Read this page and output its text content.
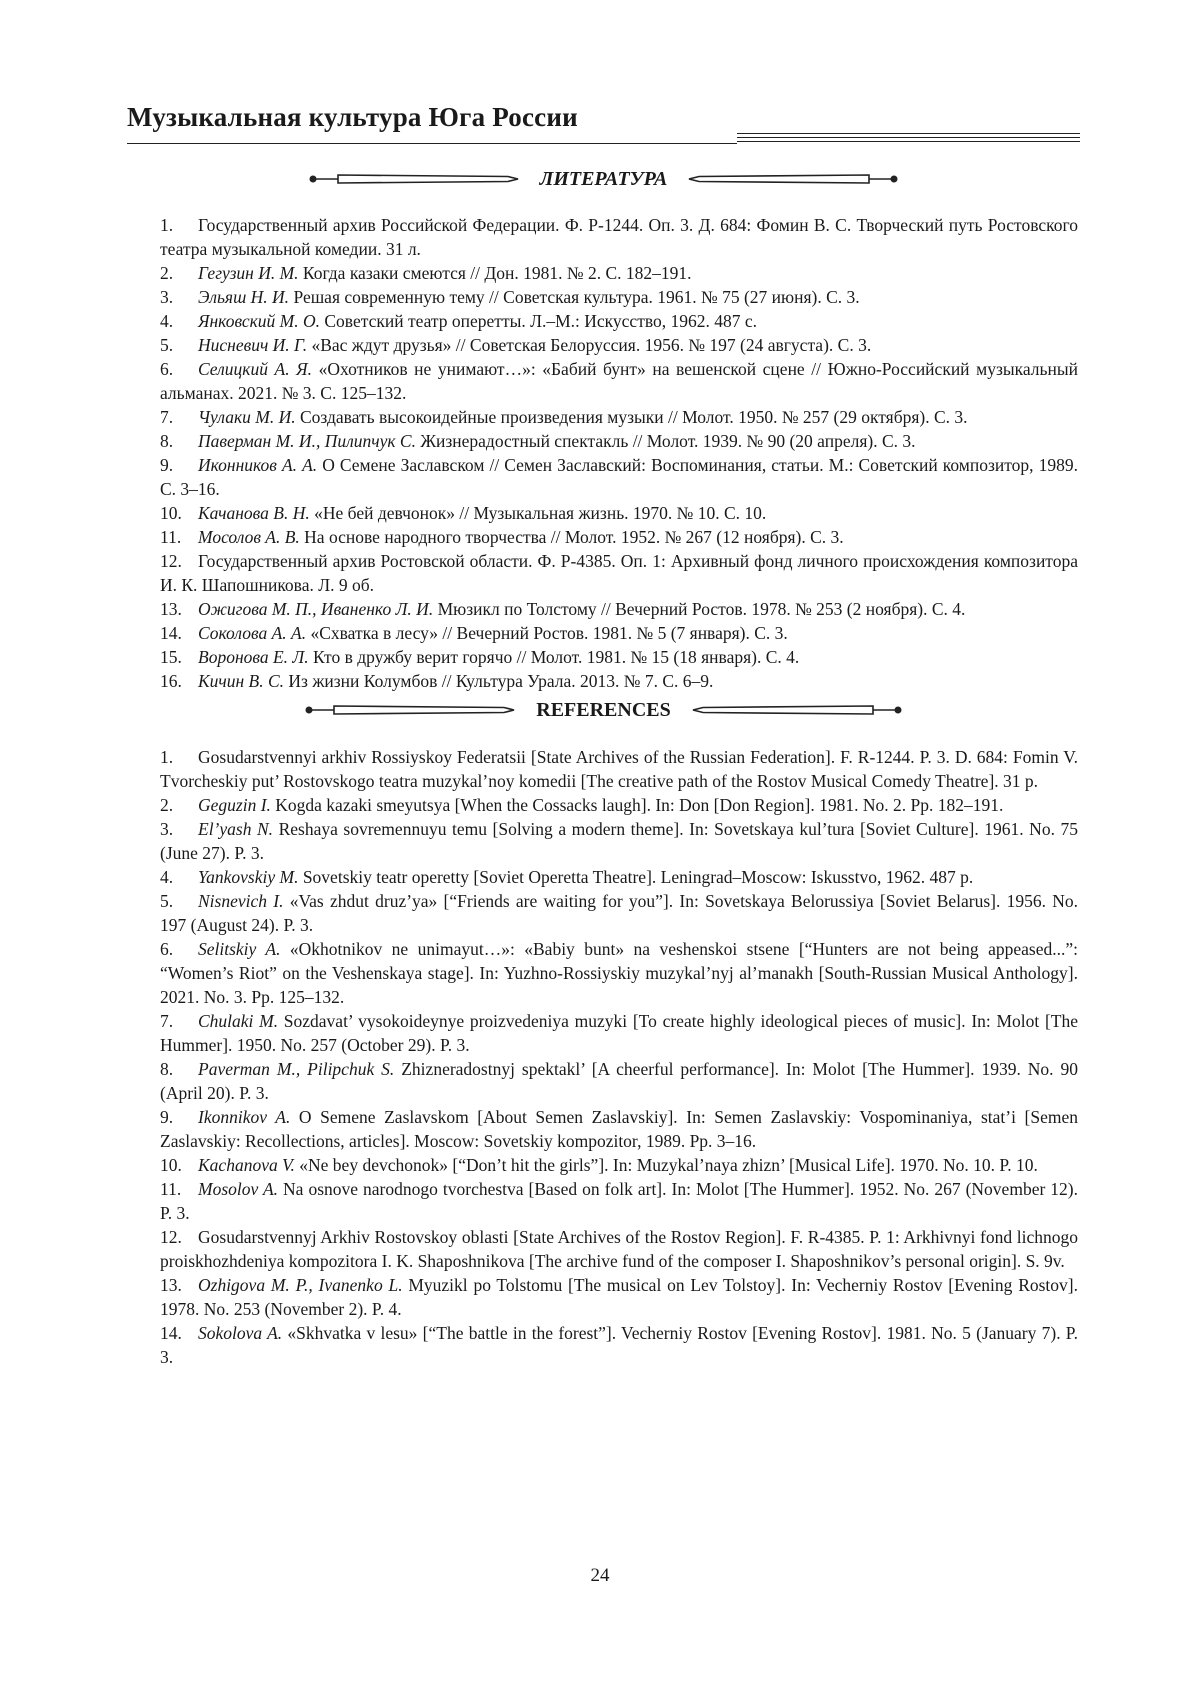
Музыкальная культура Юга России
ЛИТЕРАТУРА

1. Государственный архив Российской Федерации. Ф. Р-1244. Оп. 3. Д. 684: Фомин В. С. Творческий путь Ростовского театра музыкальной комедии. 31 л.

2. Гегузин И. М. Когда казаки смеются // Дон. 1981. № 2. С. 182–191.

3. Эльяш Н. И. Решая современную тему // Советская культура. 1961. № 75 (27 июня). С. 3.

4. Янковский М. О. Советский театр оперетты. Л.–М.: Искусство, 1962. 487 с.

5. Нисневич И. Г. «Вас ждут друзья» // Советская Белоруссия. 1956. № 197 (24 августа). С. 3.

6. Селицкий А. Я. «Охотников не унимают…»: «Бабий бунт» на вешенской сцене // Южно-Российский музыкальный альманах. 2021. № 3. С. 125–132.

7. Чулаки М. И. Создавать высокоидейные произведения музыки // Молот. 1950. № 257 (29 октября). С. 3.

8. Паверман М. И., Пилипчук С. Жизнерадостный спектакль // Молот. 1939. № 90 (20 апреля). С. 3.

9. Иконников А. А. О Семене Заславском // Семен Заславский: Воспоминания, статьи. М.: Советский композитор, 1989. С. 3–16.

10. Качанова В. Н. «Не бей девчонок» // Музыкальная жизнь. 1970. № 10. С. 10.

11. Мосолов А. В. На основе народного творчества // Молот. 1952. № 267 (12 ноября). С. 3.

12. Государственный архив Ростовской области. Ф. Р-4385. Оп. 1: Архивный фонд личного происхождения композитора И. К. Шапошникова. Л. 9 об.

13. Ожигова М. П., Иваненко Л. И. Мюзикл по Толстому // Вечерний Ростов. 1978. № 253 (2 ноября). С. 4.

14. Соколова А. А. «Схватка в лесу» // Вечерний Ростов. 1981. № 5 (7 января). С. 3.

15. Воронова Е. Л. Кто в дружбу верит горячо // Молот. 1981. № 15 (18 января). С. 4.

16. Кичин В. С. Из жизни Колумбов // Культура Урала. 2013. № 7. С. 6–9.

REFERENCES

1. Gosudarstvennyi arkhiv Rossiyskoy Federatsii [State Archives of the Russian Federation]. F. R-1244. P. 3. D. 684: Fomin V. Tvorcheskiy put’ Rostovskogo teatra muzykal’noy komedii [The creative path of the Rostov Musical Comedy Theatre]. 31 p.

2. Geguzin I. Kogda kazaki smeyutsya [When the Cossacks laugh]. In: Don [Don Region]. 1981. No. 2. Pp. 182–191.

3. El’yash N. Reshaya sovremennuyu temu [Solving a modern theme]. In: Sovetskaya kul’tura [Soviet Culture]. 1961. No. 75 (June 27). P. 3.

4. Yankovskiy M. Sovetskiy teatr operetty [Soviet Operetta Theatre]. Leningrad–Moscow: Iskusstvo, 1962. 487 p.

5. Nisnevich I. «Vas zhdut druz’ya» [“Friends are waiting for you”]. In: Sovetskaya Belorussiya [Soviet Belarus]. 1956. No. 197 (August 24). P. 3.

6. Selitskiy A. «Okhotnikov ne unimayut…»: «Babiy bunt» na veshenskoi stsene [“Hunters are not being appeased...”: “Women’s Riot” on the Veshenskaya stage]. In: Yuzhno-Rossiyskiy muzykal’nyj al’manakh [South-Russian Musical Anthology]. 2021. No. 3. Pp. 125–132.

7. Chulaki M. Sozdavat’ vysokoideynye proizvedeniya muzyki [To create highly ideological pieces of music]. In: Molot [The Hummer]. 1950. No. 257 (October 29). P. 3.

8. Paverman M., Pilipchuk S. Zhizneradostnyj spektakl’ [A cheerful performance]. In: Molot [The Hummer]. 1939. No. 90 (April 20). P. 3.

9. Ikonnikov A. O Semene Zaslavskom [About Semen Zaslavskiy]. In: Semen Zaslavskiy: Vospominaniya, stat’i [Semen Zaslavskiy: Recollections, articles]. Moscow: Sovetskiy kompozitor, 1989. Pp. 3–16.

10. Kachanova V. «Ne bey devchonok» [“Don’t hit the girls”]. In: Muzykal’naya zhizn’ [Musical Life]. 1970. No. 10. P. 10.

11. Mosolov A. Na osnove narodnogo tvorchestva [Based on folk art]. In: Molot [The Hummer]. 1952. No. 267 (November 12). P. 3.

12. Gosudarstvennyj Arkhiv Rostovskoy oblasti [State Archives of the Rostov Region]. F. R-4385. P. 1: Arkhivnyi fond lichnogo proiskhozhdeniya kompozitora I. K. Shaposhnikova [The archive fund of the composer I. Shaposhnikov’s personal origin]. S. 9v.

13. Ozhigova M. P., Ivanenko L. Myuzikl po Tolstomu [The musical on Lev Tolstoy]. In: Vecherniy Rostov [Evening Rostov]. 1978. No. 253 (November 2). P. 4.

14. Sokolova A. «Skhvatka v lesu» [“The battle in the forest”]. Vecherniy Rostov [Evening Rostov]. 1981. No. 5 (January 7). P. 3.

24
